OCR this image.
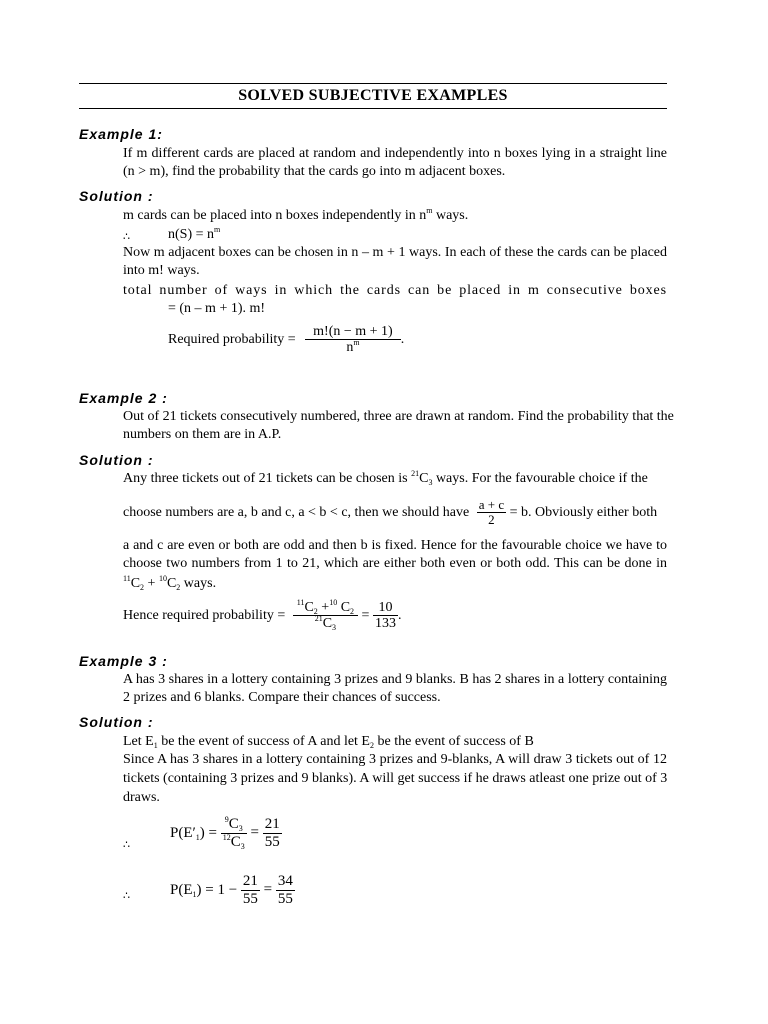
SOLVED SUBJECTIVE EXAMPLES
Example 1:
If m different cards are placed at random and independently into n boxes lying in a straight line
(n > m), find the probability that the cards go into m adjacent boxes.
Solution :
m cards can be placed into n boxes independently in $n^m$ ways.
∴	$n(S) = n^m$
Now m adjacent boxes can be chosen in n – m + 1 ways. In each of these the cards can be placed
into m! ways.
total number of ways in which the cards can be placed in m consecutive boxes
= (n – m + 1). m!
Required probability = $\frac{m!(n - m + 1)}{n^m}$ .
Example 2 :
Out of 21 tickets consecutively numbered, three are drawn at random. Find the probability that the
numbers on them are in A.P.
Solution :
Any three tickets out of 21 tickets can be chosen is $^{21}C_3$ ways. For the favourable choice if the
choose numbers are a, b and c, a < b < c, then we should have $\frac{a + c}{2} = b$. Obviously either both
a and c are even or both are odd and then b is fixed. Hence for the favourable choice we have to
choose two numbers from 1 to 21, which are either both even or both odd. This can be done in
$^{11}C_2 + ^{10}C_2$ ways.
Hence required probability = $\frac{^{11}C_2 +^{10} C_2}{^{21}C_3} = \frac{10}{133}$ .
Example 3 :
A has 3 shares in a lottery containing 3 prizes and 9 blanks. B has 2 shares in a lottery containing
2 prizes and 6 blanks. Compare their chances of success.
Solution :
Let $E_1$ be the event of success of A and let $E_2$ be the event of success of B
Since A has 3 shares in a lottery containing 3 prizes and 9-blanks, A will draw 3 tickets out of 12
tickets (containing 3 prizes and 9 blanks). A will get success if he draws atleast one prize out of 3
draws.
∴
$P(E'_1) = \frac{^9C_3}{^{12}C_3} = \frac{21}{55}$
∴	$P(E_1) = 1 - \frac{21}{55} = \frac{34}{55}$
